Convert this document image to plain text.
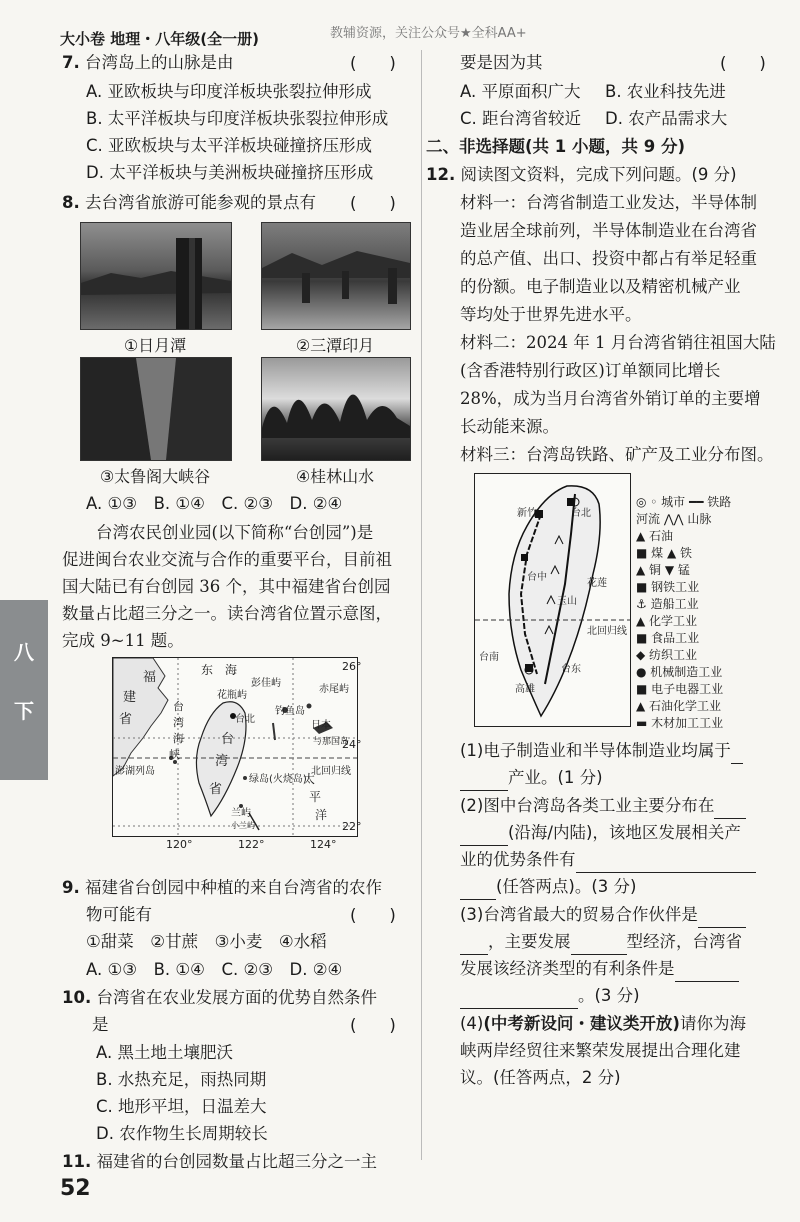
大小卷 地理・八年级(全一册)	教辅资源，关注公众号★全科AA+
八
下
7. 台湾岛上的山脉是由	(　　)
A. 亚欧板块与印度洋板块张裂拉伸形成
B. 太平洋板块与印度洋板块张裂拉伸形成
C. 亚欧板块与太平洋板块碰撞挤压形成
D. 太平洋板块与美洲板块碰撞挤压形成
8. 去台湾省旅游可能参观的景点有 (　　)
①日月潭	②三潭印月
③太鲁阁大峡谷	④桂林山水
A. ①③　B. ①④　C. ②③　D. ②④
台湾农民创业园(以下简称“台创园”)是
促进闽台农业交流与合作的重要平台，目前祖
国大陆已有台创园 36 个，其中福建省台创园
数量占比超三分之一。读台湾省位置示意图，
完成 9~11 题。
福
建
省
东　海
台
湾
海
峡
钓鱼岛
赤尾屿
花瓶屿
彭佳屿
台北
台
湾
省
澎湖列岛	北回归线
太
平
洋
绿岛(火烧岛)
兰屿
小兰屿
日本
与那国岛
26°
24°
22°
120°	122°	124°
9. 福建省台创园中种植的来自台湾省的农作
物可能有	(　　)
①甜菜　②甘蔗　③小麦　④水稻
A. ①③　B. ①④　C. ②③　D. ②④
10. 台湾省在农业发展方面的优势自然条件
是	(　　)
A. 黑土地土壤肥沃
B. 水热充足，雨热同期
C. 地形平坦，日温差大
D. 农作物生长周期较长
11. 福建省的台创园数量占比超三分之一主
52
要是因为其	(　　)
A. 平原面积广大 B. 农业科技先进
C. 距台湾省较近 D. 农产品需求大
二、非选择题(共 1 小题，共 9 分)
12. 阅读图文资料，完成下列问题。(9 分)
材料一：台湾省制造工业发达，半导体制
造业居全球前列，半导体制造业在台湾省
的总产值、出口、投资中都占有举足轻重
的份额。电子制造业以及精密机械产业
等均处于世界先进水平。
材料二：2024 年 1 月台湾省销往祖国大陆
(含香港特别行政区)订单额同比增长
28%，成为当月台湾省外销订单的主要增
长动能来源。
材料三：台湾岛铁路、矿产及工业分布图。
新竹	台北
台中
玉山
台南
高雄
北回归线
台东
花莲
◎ ◦ 城市 ━━ 铁路
河流 ⋀⋀ 山脉
▲ 石油
■ 煤 ▲ 铁
▲ 铜 ▼ 锰
■ 钢铁工业
⚓ 造船工业
▲ 化学工业
■ 食品工业
◆ 纺织工业
● 机械制造工业
■ 电子电器工业
▲ 石油化学工业
▬ 木材加工工业
(1)电子制造业和半导体制造业均属于
产业。(1 分)
(2)图中台湾岛各类工业主要分布在
(沿海/内陆)，该地区发展相关产
业的优势条件有
(任答两点)。(3 分)
(3)台湾省最大的贸易合作伙伴是
，主要发展	型经济，台湾省
发展该经济类型的有利条件是
。(3 分)
(4)(中考新设问・建议类开放)请你为海
峡两岸经贸往来繁荣发展提出合理化建
议。(任答两点，2 分)
